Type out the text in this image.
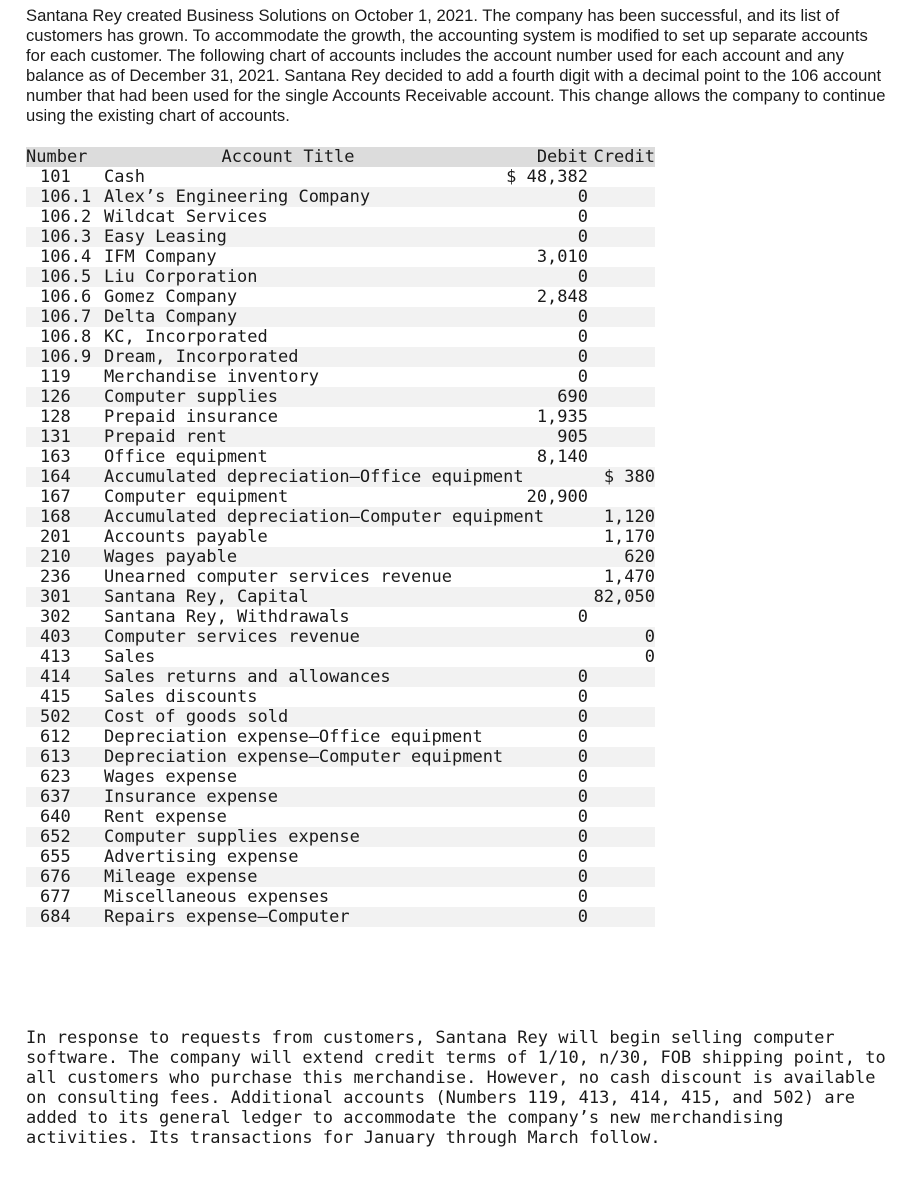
Santana Rey created Business Solutions on October 1, 2021. The company has been successful, and its list of customers has grown. To accommodate the growth, the accounting system is modified to set up separate accounts for each customer. The following chart of accounts includes the account number used for each account and any balance as of December 31, 2021. Santana Rey decided to add a fourth digit with a decimal point to the 106 account number that had been used for the single Accounts Receivable account. This change allows the company to continue using the existing chart of accounts.

Number	Account Title	Debit	Credit
101	Cash	$ 48,382	
106.1	Alex’s Engineering Company	0	
106.2	Wildcat Services	0	
106.3	Easy Leasing	0	
106.4	IFM Company	3,010	
106.5	Liu Corporation	0	
106.6	Gomez Company	2,848	
106.7	Delta Company	0	
106.8	KC, Incorporated	0	
106.9	Dream, Incorporated	0	
119	Merchandise inventory	0	
126	Computer supplies	690	
128	Prepaid insurance	1,935	
131	Prepaid rent	905	
163	Office equipment	8,140	
164	Accumulated depreciation—Office equipment		$ 380
167	Computer equipment	20,900	
168	Accumulated depreciation—Computer equipment		1,120
201	Accounts payable		1,170
210	Wages payable		620
236	Unearned computer services revenue		1,470
301	Santana Rey, Capital		82,050
302	Santana Rey, Withdrawals	0	
403	Computer services revenue		0
413	Sales		0
414	Sales returns and allowances	0	
415	Sales discounts	0	
502	Cost of goods sold	0	
612	Depreciation expense—Office equipment	0	
613	Depreciation expense—Computer equipment	0	
623	Wages expense	0	
637	Insurance expense	0	
640	Rent expense	0	
652	Computer supplies expense	0	
655	Advertising expense	0	
676	Mileage expense	0	
677	Miscellaneous expenses	0	
684	Repairs expense—Computer	0	

In response to requests from customers, Santana Rey will begin selling computer software. The company will extend credit terms of 1/10, n/30, FOB shipping point, to all customers who purchase this merchandise. However, no cash discount is available on consulting fees. Additional accounts (Numbers 119, 413, 414, 415, and 502) are added to its general ledger to accommodate the company’s new merchandising activities. Its transactions for January through March follow.
